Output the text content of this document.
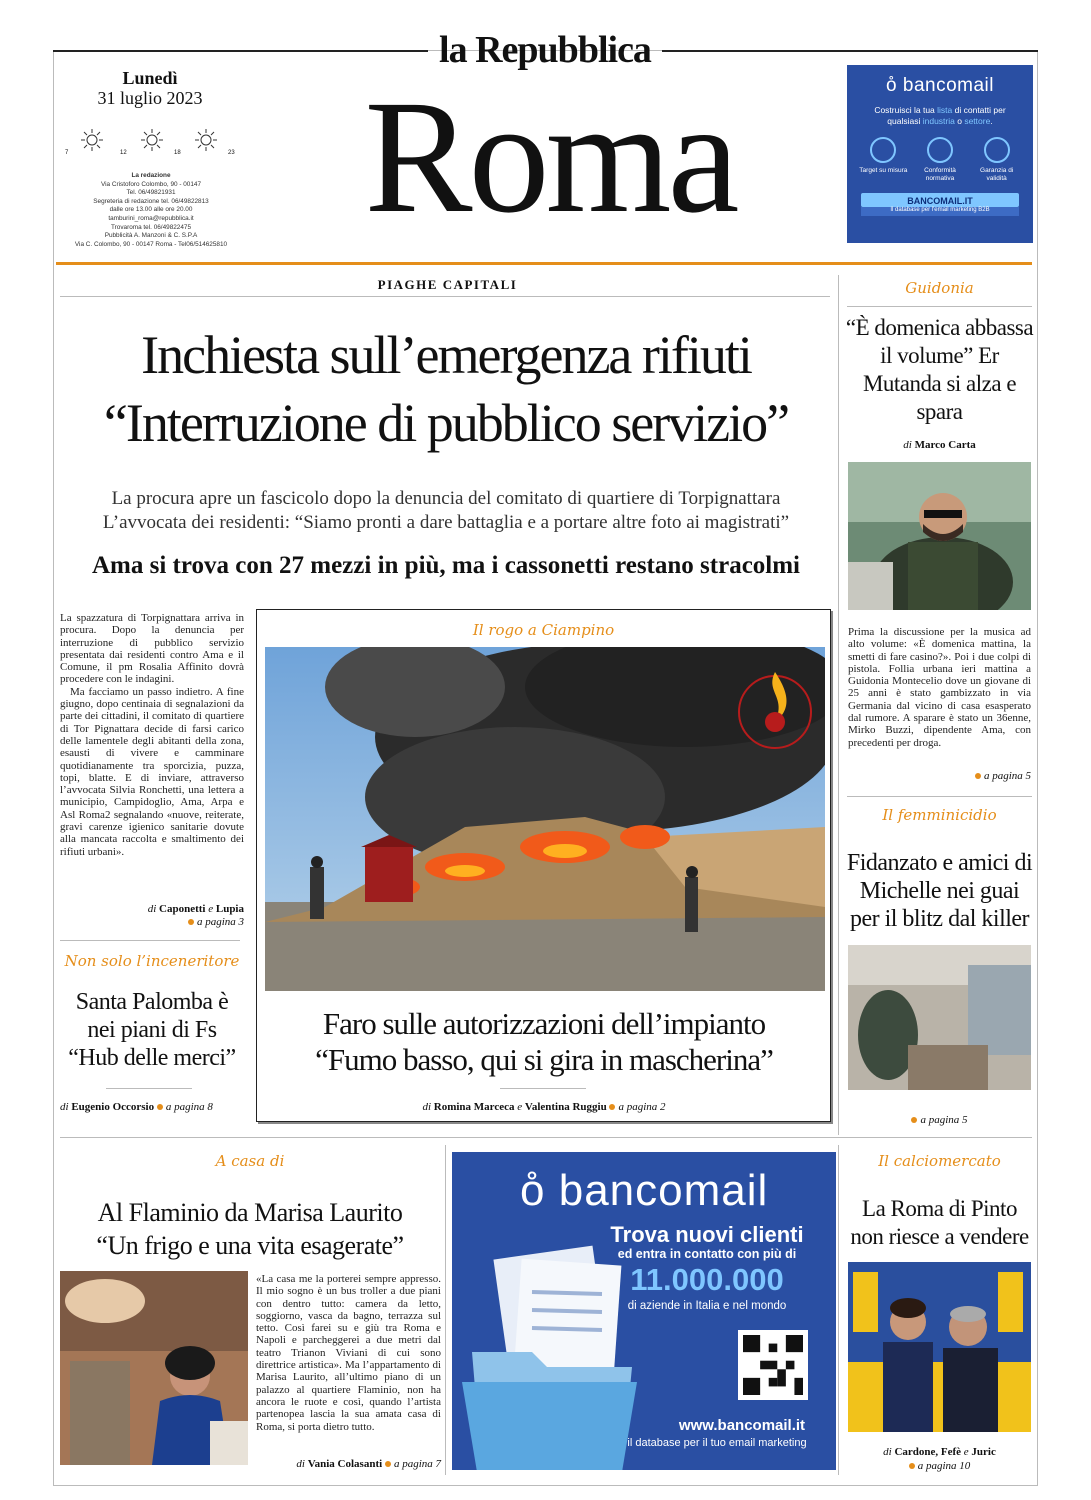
la Repubblica
Roma
Lunedì
31 luglio 2023
7	12	18	23
La redazione
Via Cristoforo Colombo, 90 - 00147
Tel. 06/49821931
Segreteria di redazione tel. 06/49822813
dalle ore 13.00 alle ore 20.00
tamburini_roma@repubblica.it
Trovaroma tel. 06/49822475
Pubblicità A. Manzoni & C. S.P.A
Via C. Colombo, 90 - 00147 Roma - Tel06/514625810
o̊ bancomail
Costruisci la tua lista di contatti per qualsiasi industria o settore.
Target su misura	Conformità normativa
Garanzia di validità
BANCOMAIL.IT
Il database per l'email marketing B2B
PIAGHE CAPITALI
Inchiesta sull’emergenza rifiuti
“Interruzione di pubblico servizio”
La procura apre un fascicolo dopo la denuncia del comitato di quartiere di Torpignattara
L’avvocata dei residenti: “Siamo pronti a dare battaglia e a portare altre foto ai magistrati”
Ama si trova con 27 mezzi in più, ma i cassonetti restano stracolmi

La spazzatura di Torpignattara arriva in procura. Dopo la denuncia per interruzione di pubblico servizio presentata dai residenti contro Ama e il Comune, il pm Rosalia Affinito dovrà procedere con le indagini.

Ma facciamo un passo indietro. A fine giugno, dopo centinaia di segnalazioni da parte dei cittadini, il comitato di quartiere di Tor Pignattara decide di farsi carico delle lamentele degli abitanti della zona, esausti di vivere e camminare quotidianamente tra sporcizia, puzza, topi, blatte. E di inviare, attraverso l’avvocata Silvia Ronchetti, una lettera a municipio, Campidoglio, Ama, Arpa e Asl Roma2 segnalando «nuove, reiterate, gravi carenze igienico sanitarie dovute alla mancata raccolta e smaltimento dei rifiuti urbani».

di Caponetti e Lupia
a pagina 3
Non solo l’inceneritore
Santa Palomba è nei piani di Fs “Hub delle merci”
di Eugenio Occorsio a pagina 8
Il rogo a Ciampino
Faro sulle autorizzazioni dell’impianto
“Fumo basso, qui si gira in mascherina”
di Romina Marceca e Valentina Ruggiu a pagina 2
Guidonia
“È domenica abbassa il volume” Er Mutanda si alza e spara
di Marco Carta
Prima la discussione per la musica ad alto volume: «È domenica mattina, la smetti di fare casino?». Poi i due colpi di pistola. Follia urbana ieri mattina a Guidonia Montecelio dove un giovane di 25 anni è stato gambizzato in via Germania dal vicino di casa esasperato dal rumore. A sparare è stato un 36enne, Mirko Buzzi, dipendente Ama, con precedenti per droga.
a pagina 5
Il femminicidio
Fidanzato e amici di Michelle nei guai per il blitz dal killer
a pagina 5
A casa di
Al Flaminio da Marisa Laurito
“Un frigo e una vita esagerate”
«La casa me la porterei sempre appresso. Il mio sogno è un bus troller a due piani con dentro tutto: camera da letto, soggiorno, vasca da bagno, terrazza sul tetto. Così farei su e giù tra Roma e Napoli e parcheggerei a due metri dal teatro Trianon Viviani di cui sono direttrice artistica». Ma l’appartamento di Marisa Laurito, all’ultimo piano di un palazzo al quartiere Flaminio, non ha ancora le ruote e così, quando l’artista partenopea lascia la sua amata casa di Roma, si porta dietro tutto.
di Vania Colasanti a pagina 7
o̊ bancomail
Trova nuovi clienti
ed entra in contatto con più di
11.000.000
di aziende in Italia e nel mondo
www.bancomail.it
il database per il tuo email marketing
Il calciomercato
La Roma di Pinto non riesce a vendere
di Cardone, Fefè e Juric
a pagina 10
